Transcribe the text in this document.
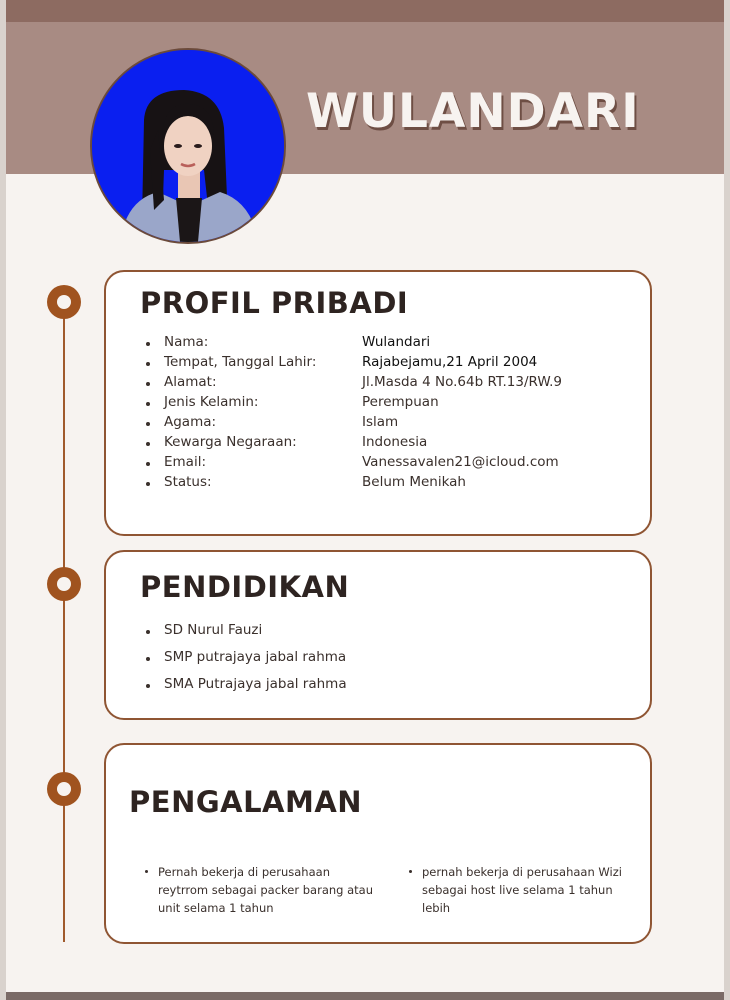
WULANDARI
PROFIL PRIBADI
Nama:	Wulandari
Tempat, Tanggal Lahir:	Rajabejamu,21 April 2004
Alamat:	Jl.Masda 4 No.64b RT.13/RW.9
Jenis Kelamin:	Perempuan
Agama:	Islam
Kewarga Negaraan:	Indonesia
Email:	Vanessavalen21@icloud.com
Status:	Belum Menikah
PENDIDIKAN
SD Nurul Fauzi
SMP putrajaya jabal rahma
SMA Putrajaya jabal rahma
PENGALAMAN
Pernah bekerja di perusahaan reytrrom sebagai packer barang atau unit selama 1 tahun
pernah bekerja di perusahaan Wizi sebagai host live selama 1 tahun lebih
